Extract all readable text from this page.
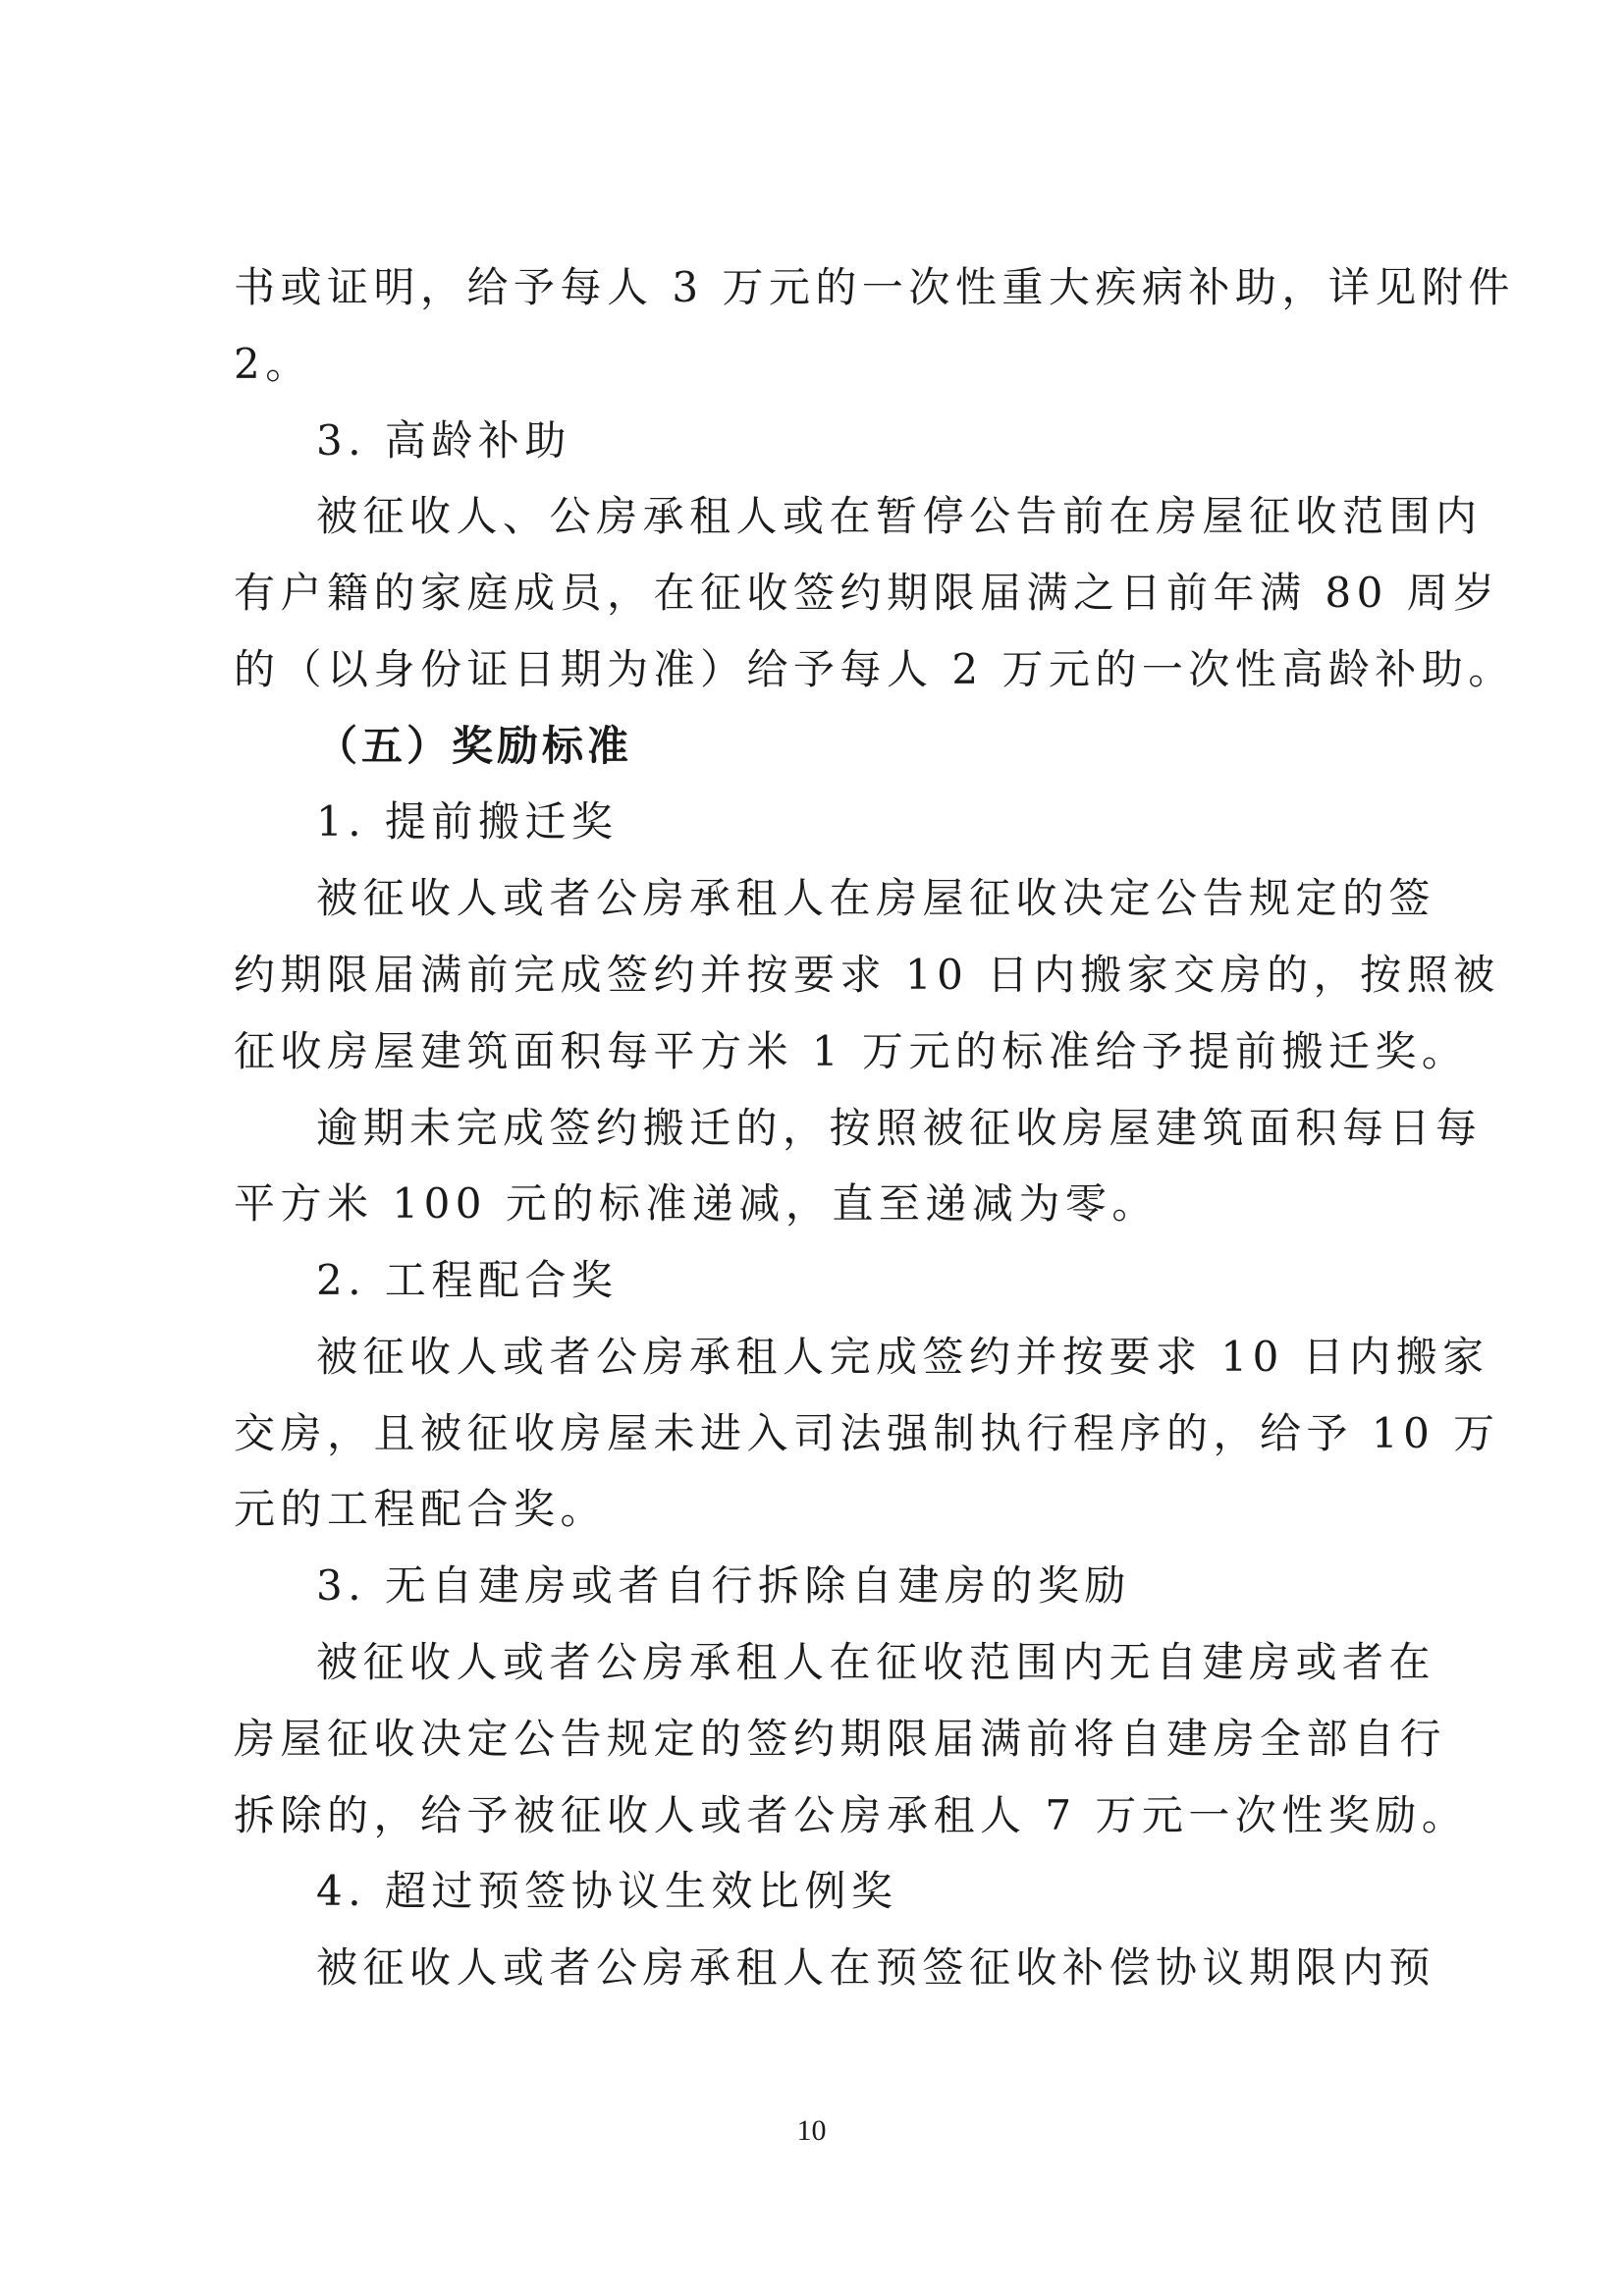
书或证明，给予每人 3 万元的一次性重大疾病补助，详见附件
2。
3. 高龄补助
被征收人、公房承租人或在暂停公告前在房屋征收范围内
有户籍的家庭成员，在征收签约期限届满之日前年满 80 周岁
的（以身份证日期为准）给予每人 2 万元的一次性高龄补助。
（五）奖励标准
1. 提前搬迁奖
被征收人或者公房承租人在房屋征收决定公告规定的签
约期限届满前完成签约并按要求 10 日内搬家交房的，按照被
征收房屋建筑面积每平方米 1 万元的标准给予提前搬迁奖。
逾期未完成签约搬迁的，按照被征收房屋建筑面积每日每
平方米 100 元的标准递减，直至递减为零。
2. 工程配合奖
被征收人或者公房承租人完成签约并按要求 10 日内搬家
交房，且被征收房屋未进入司法强制执行程序的，给予 10 万
元的工程配合奖。
3. 无自建房或者自行拆除自建房的奖励
被征收人或者公房承租人在征收范围内无自建房或者在
房屋征收决定公告规定的签约期限届满前将自建房全部自行
拆除的，给予被征收人或者公房承租人 7 万元一次性奖励。
4. 超过预签协议生效比例奖
被征收人或者公房承租人在预签征收补偿协议期限内预
10
